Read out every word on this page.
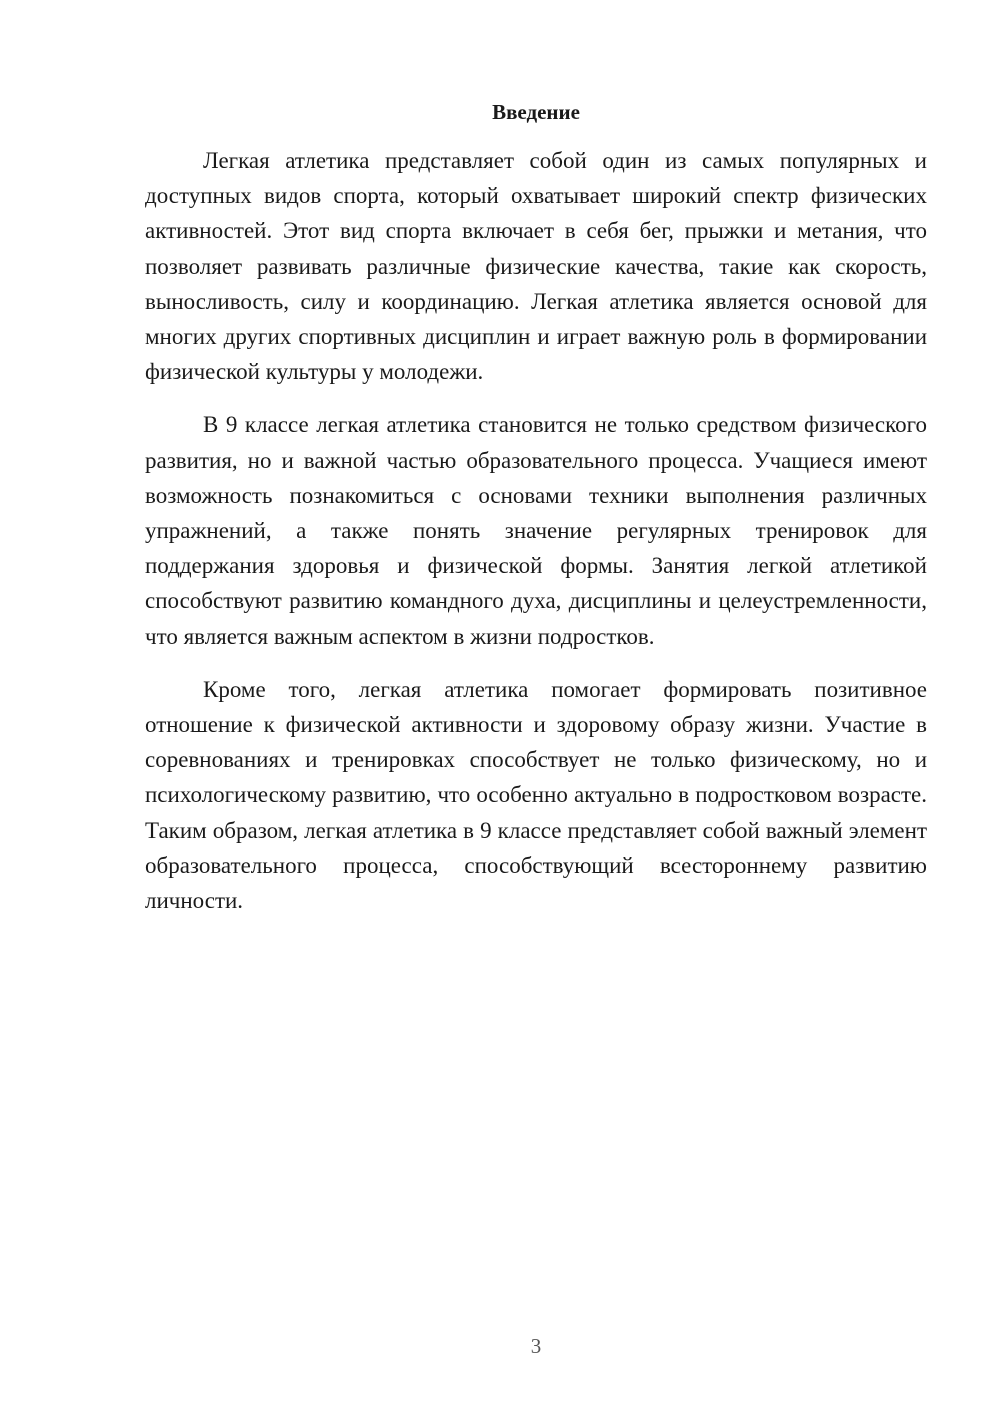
Введение

Легкая атлетика представляет собой один из самых популярных и доступных видов спорта, который охватывает широкий спектр физических активностей. Этот вид спорта включает в себя бег, прыжки и метания, что позволяет развивать различные физические качества, такие как скорость, выносливость, силу и координацию. Легкая атлетика является основой для многих других спортивных дисциплин и играет важную роль в формировании физической культуры у молодежи.

В 9 классе легкая атлетика становится не только средством физического развития, но и важной частью образовательного процесса. Учащиеся имеют возможность познакомиться с основами техники выполнения различных упражнений, а также понять значение регулярных тренировок для поддержания здоровья и физической формы. Занятия легкой атлетикой способствуют развитию командного духа, дисциплины и целеустремленности, что является важным аспектом в жизни подростков.

Кроме того, легкая атлетика помогает формировать позитивное отношение к физической активности и здоровому образу жизни. Участие в соревнованиях и тренировках способствует не только физическому, но и психологическому развитию, что особенно актуально в подростковом возрасте. Таким образом, легкая атлетика в 9 классе представляет собой важный элемент образовательного процесса, способствующий всестороннему развитию личности.

3
